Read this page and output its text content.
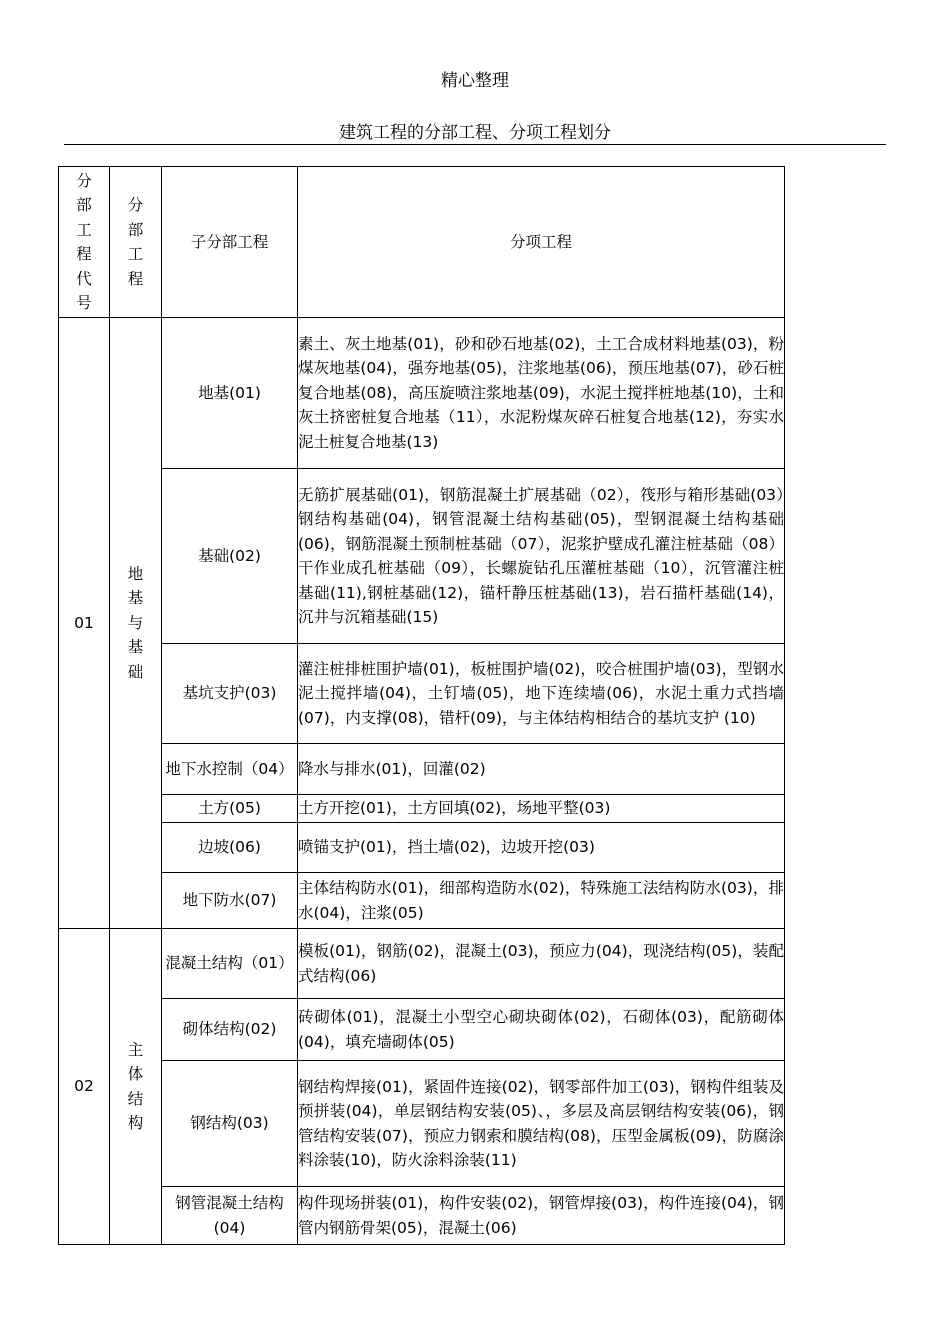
精心整理
建筑工程的分部工程、分项工程划分
分部工程代号	分部工程	子分部工程	分项工程
01	地基与基础	地基(01)	素土、灰土地基(01)，砂和砂石地基(02)，土工合成材料地基(03)，粉煤灰地基(04)，强夯地基(05)，注浆地基(06)，预压地基(07)，砂石桩复合地基(08)，高压旋喷注浆地基(09)，水泥土搅拌桩地基(10)，土和灰土挤密桩复合地基（11），水泥粉煤灰碎石桩复合地基(12)，夯实水泥土桩复合地基(13)
		基础(02)	无筋扩展基础(01)，钢筋混凝土扩展基础（02），筏形与箱形基础(03）钢结构基础(04)，钢管混凝土结构基础(05)，型钢混凝土结构基础(06)，钢筋混凝土预制桩基础（07），泥浆护壁成孔灌注桩基础（08）干作业成孔桩基础（09），长螺旋钻孔压灌桩基础（10），沉管灌注桩基础(11),钢桩基础(12)，锚杆静压桩基础(13)，岩石描杆基础(14)，沉井与沉箱基础(15)
		基坑支护(03)	灌注桩排桩围护墙(01)，板桩围护墙(02)，咬合桩围护墙(03)，型钢水泥土搅拌墙(04)，土钉墙(05)，地下连续墙(06)，水泥土重力式挡墙(07)，内支撑(08)，错杆(09)，与主体结构相结合的基坑支护 (10)
		地下水控制（04）	降水与排水(01)，回灌(02)
		土方(05)	土方开挖(01)，土方回填(02)，场地平整(03)
		边坡(06)	喷锚支护(01)，挡土墙(02)，边坡开挖(03)
		地下防水(07)	主体结构防水(01)，细部构造防水(02)，特殊施工法结构防水(03)，排水(04)，注浆(05)
02	主体结构	混凝土结构（01）	模板(01)，钢筋(02)，混凝土(03)，预应力(04)，现浇结构(05)，装配式结构(06)
		砌体结构(02)	砖砌体(01)，混凝土小型空心砌块砌体(02)，石砌体(03)，配筋砌体(04)，填充墙砌体(05)
		钢结构(03)	钢结构焊接(01)，紧固件连接(02)，钢零部件加工(03)，钢构件组装及预拼装(04)，单层钢结构安装(05)、，多层及高层钢结构安装(06)，钢管结构安装(07)，预应力钢索和膜结构(08)，压型金属板(09)，防腐涂料涂装(10)，防火涂料涂装(11)
		钢管混凝土结构(04)	构件现场拼装(01)，构件安装(02)，钢管焊接(03)，构件连接(04)，钢管内钢筋骨架(05)，混凝土(06)
